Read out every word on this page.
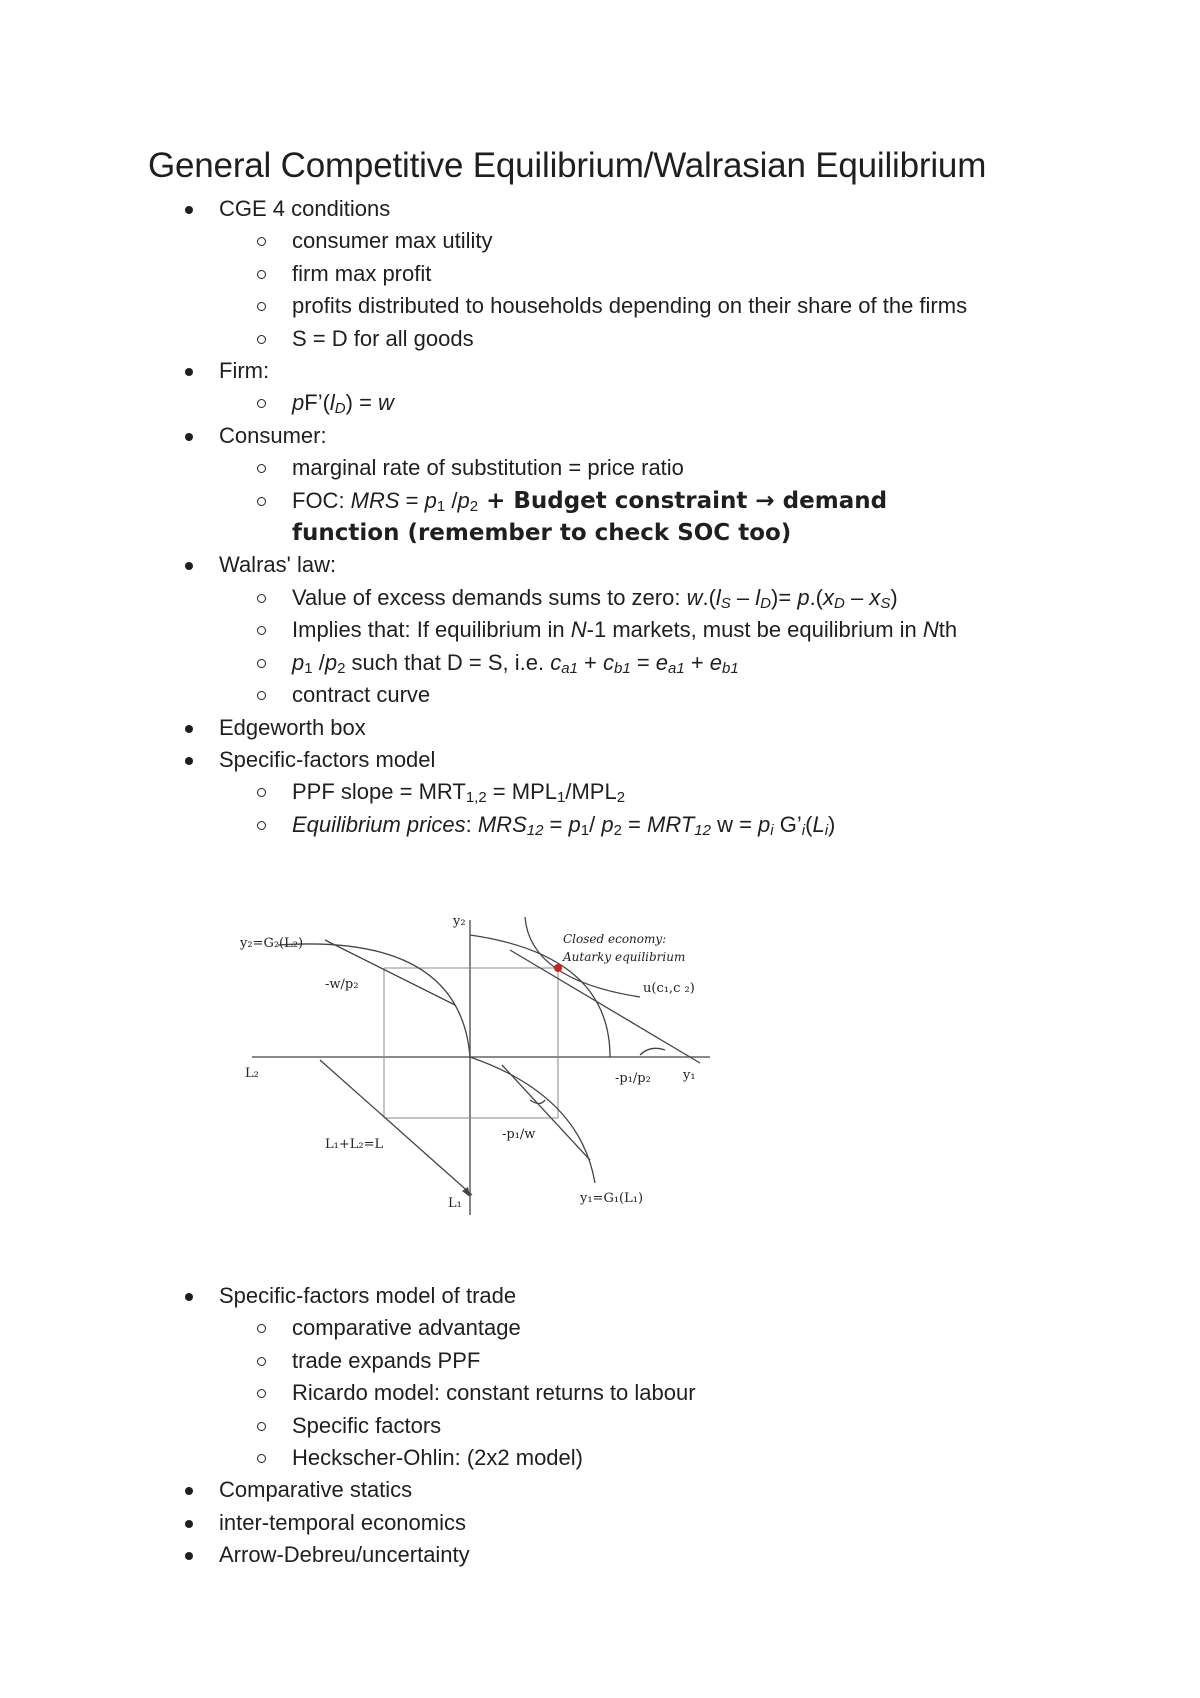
General Competitive Equilibrium/Walrasian Equilibrium
CGE 4 conditions
consumer max utility
firm max profit
profits distributed to households depending on their share of the firms
S = D for all goods
Firm:
$pF’(l_D) = w$
Consumer:
marginal rate of substitution = price ratio
FOC: MRS = $p_1$ $/p_2$ + Budget constraint → demand function (remember to check SOC too)
Walras' law:
Value of excess demands sums to zero: $w.(l_S - l_D)= p.(x_D - x_S)$
Implies that: If equilibrium in N-1 markets, must be equilibrium in Nth
$p_1$ $/p_2$ such that D = S, i.e. $c_{a1} + c_{b1} = e_{a1} + e_{b1}$
contract curve
Edgeworth box
Specific-factors model
PPF slope = $MRT_{1,2} = MPL_1/MPL_2$
Equilibrium prices: $MRS_{12} = p_1/$ $p_2 = MRT_{12}$ $w = p_i$ $G’_i(L_i)$
y₂
Closed economy:
Autarky equilibrium
y₂=G₂(L₂)
-w/p₂	u(c₁,c ₂)
L₂	-p₁/p₂ y₁
-p₁/w
L₁+L₂=L
L₁	y₁=G₁(L₁)
Specific-factors model of trade
comparative advantage
trade expands PPF
Ricardo model: constant returns to labour
Specific factors
Heckscher-Ohlin: (2x2 model)
Comparative statics
inter-temporal economics
Arrow-Debreu/uncertainty
